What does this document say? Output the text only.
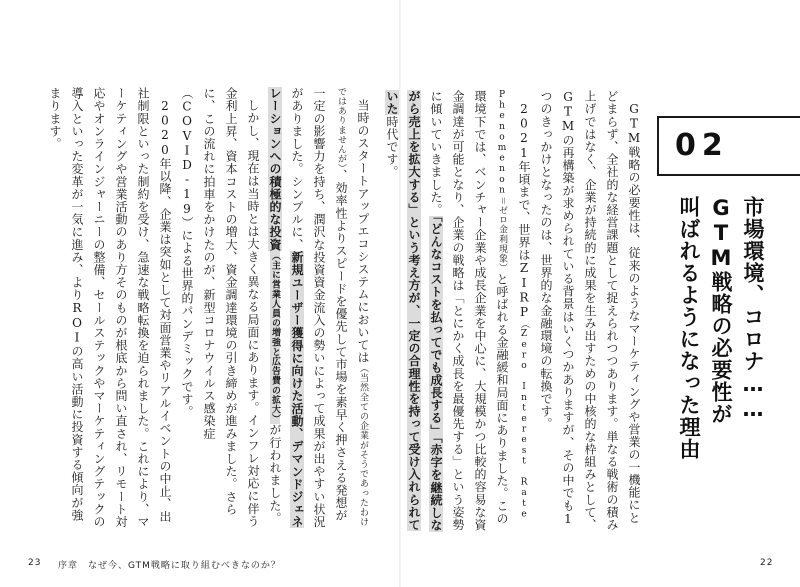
当時のスタートアップエコシステムにおいては（当然全ての企業がそうであったわけではありませんが）、効率性よりスピードを優先して市場を素早く押さえる発想が一定の影響力を持ち、潤沢な投資資金流入の勢いによって成果が出やすい状況がありました。シンプルに、新規ユーザー獲得に向けた活動、デマンドジェネレーションへの積極的な投資（主に営業人員の増強と広告費の拡大）が行われました。

しかし、現在は当時とは大きく異なる局面にあります。インフレ対応に伴う金利上昇、資本コストの増大、資金調達環境の引き締めが進みました。さらに、この流れに拍車をかけたのが、新型コロナウイルス感染症（COVID-19）による世界的パンデミックです。

2020年以降、企業は突如として対面営業やリアルイベントの中止、出社制限といった制約を受け、急速な戦略転換を迫られました。これにより、マーケティングや営業活動のあり方そのものが根底から問い直され、リモート対応やオンラインジャーニーの整備、セールステックやマーケティングテックの導入といった変革が一気に進み、よりROIの高い活動に投資する傾向が強まります。	GTM戦略の必要性は、従来のようなマーケティングや営業の一機能にとどまらず、全社的な経営課題として捉えられつつあります。単なる戦術の積み上げではなく、企業が持続的に成果を生み出すための中核的な枠組みとして、GTMの再構築が求められている背景はいくつかありますが、その中でも1つのきっかけとなったのは、世界的な金融環境の転換です。

2021年頃まで、世界はZIRP（Zero Interest Rate Phenomenon＝ゼロ金利現象）と呼ばれる金融緩和局面にありました。この環境下では、ベンチャー企業や成長企業を中心に、大規模かつ比較的容易な資金調達が可能となり、企業の戦略は「とにかく成長を最優先する」という姿勢に傾いていきました。「どんなコストを払ってでも成長する」「赤字を継続しながら売上を拡大する」という考え方が、一定の合理性を持って受け入れられていた時代です。	02
市場環境、コロナ……
GTM戦略の必要性が
叫ばれるようになった理由
23 序章　なぜ今、GTM戦略に取り組むべきなのか？	22
